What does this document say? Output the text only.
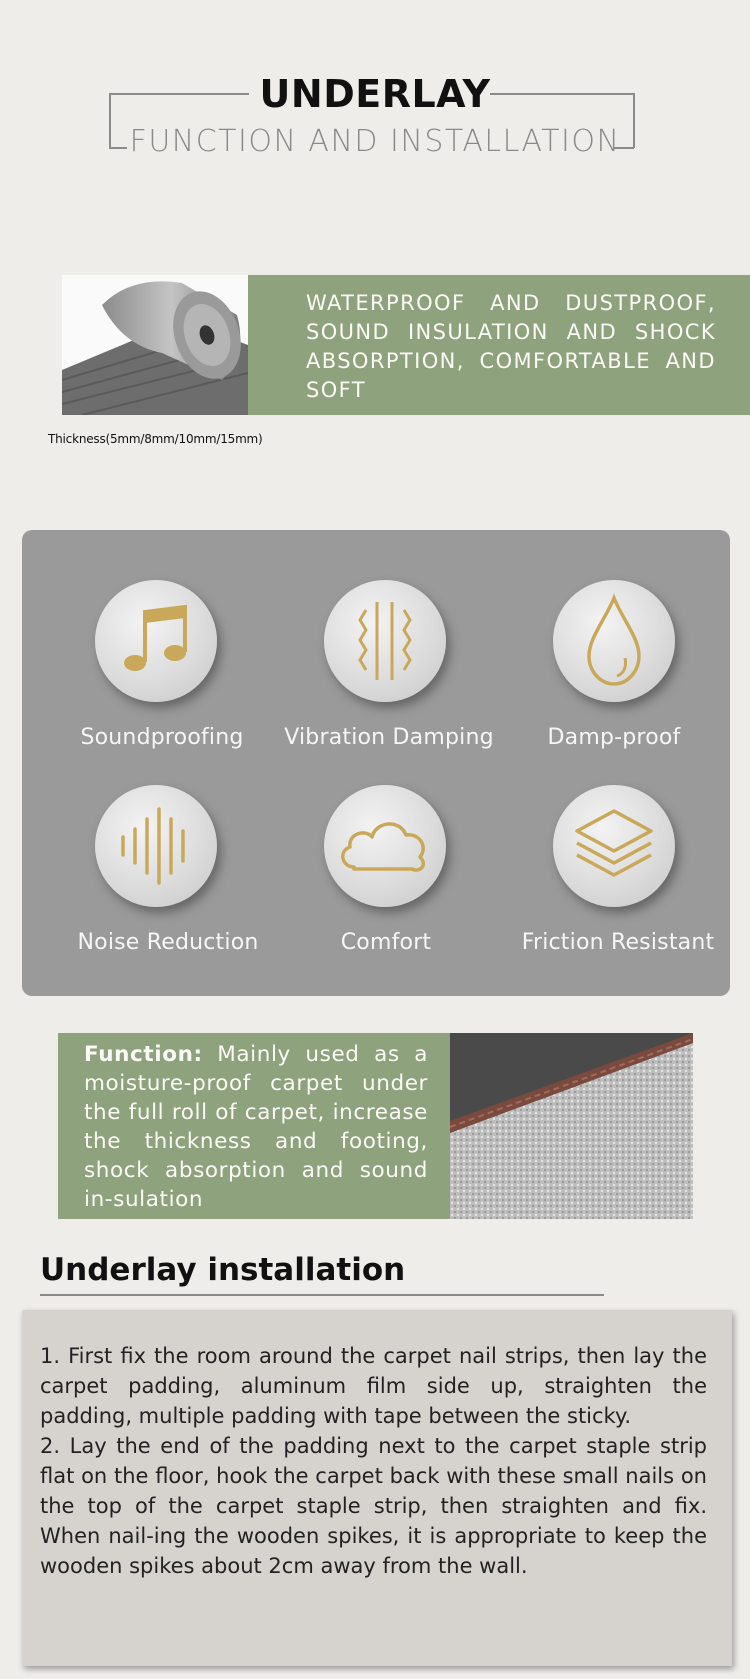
UNDERLAY
FUNCTION AND INSTALLATION
WATERPROOF AND DUSTPROOF, SOUND INSULATION AND SHOCK ABSORPTION, COMFORTABLE AND SOFT
Thickness(5mm/8mm/10mm/15mm)
Soundproofing	Vibration Damping	Damp-proof
Noise Reduction	Comfort	Friction Resistant
Function: Mainly used as a moisture-proof carpet under the full roll of carpet, increase the thickness and footing, shock absorption and sound in-sulation
Underlay installation

1. First fix the room around the carpet nail strips, then lay the carpet padding, aluminum film side up, straighten the padding, multiple padding with tape between the sticky.

2. Lay the end of the padding next to the carpet staple strip flat on the floor, hook the carpet back with these small nails on the top of the carpet staple strip, then straighten and fix. When nail-ing the wooden spikes, it is appropriate to keep the wooden spikes about 2cm away from the wall.
